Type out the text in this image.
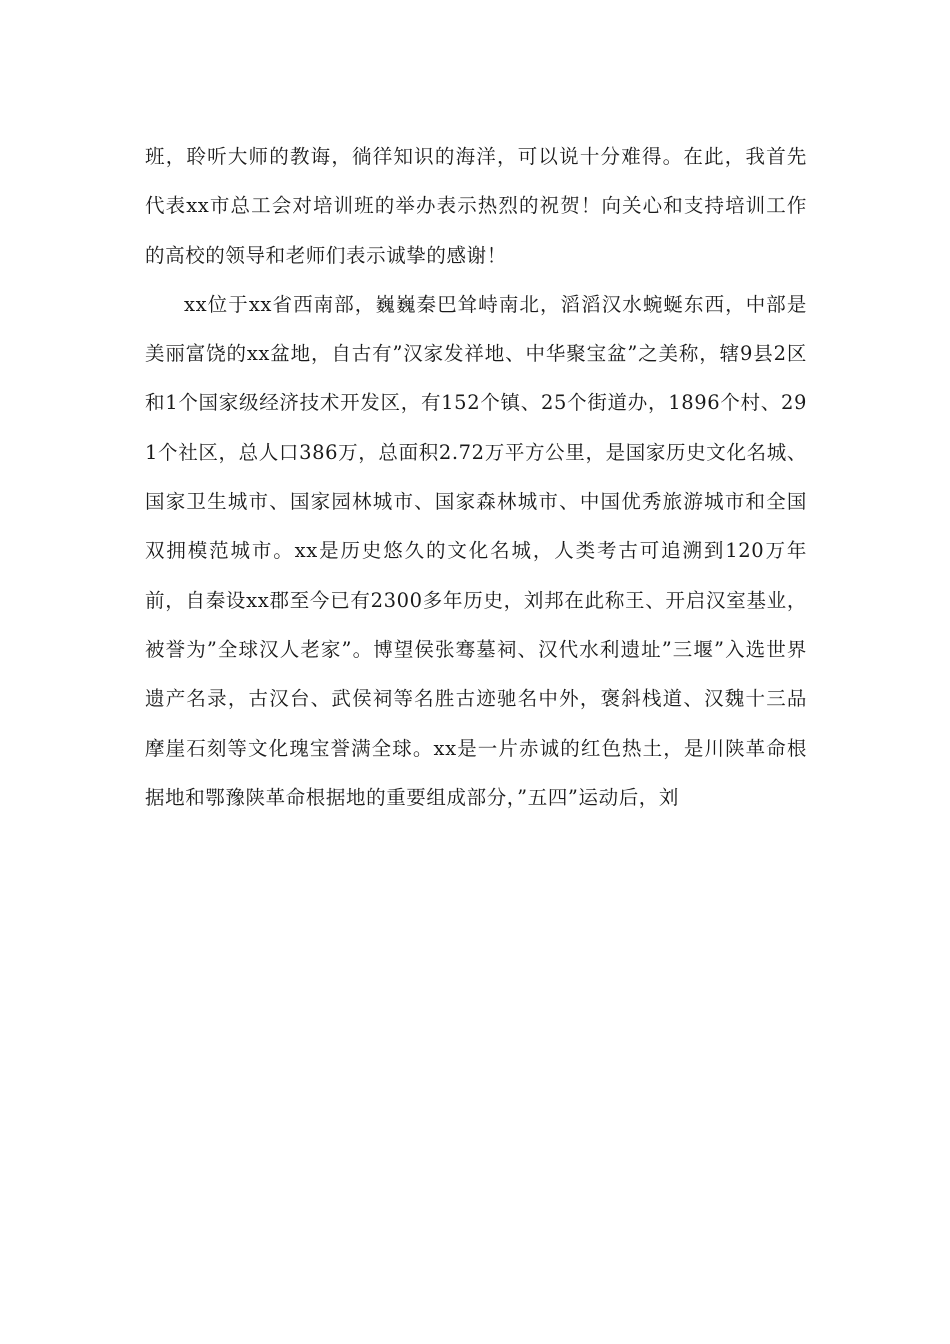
班，聆听大师的教诲，徜徉知识的海洋，可以说十分难得。在此，我首先代表xx市总工会对培训班的举办表示热烈的祝贺！向关心和支持培训工作的高校的领导和老师们表示诚挚的感谢！

xx位于xx省西南部，巍巍秦巴耸峙南北，滔滔汉水蜿蜒东西，中部是美丽富饶的xx盆地，自古有”汉家发祥地、中华聚宝盆”之美称，辖9县2区和1个国家级经济技术开发区，有152个镇、25个街道办，1896个村、291个社区，总人口386万，总面积2.72万平方公里，是国家历史文化名城、国家卫生城市、国家园林城市、国家森林城市、中国优秀旅游城市和全国双拥模范城市。xx是历史悠久的文化名城，人类考古可追溯到120万年前，自秦设xx郡至今已有2300多年历史，刘邦在此称王、开启汉室基业，被誉为”全球汉人老家”。博望侯张骞墓祠、汉代水利遗址”三堰”入选世界遗产名录，古汉台、武侯祠等名胜古迹驰名中外，褒斜栈道、汉魏十三品摩崖石刻等文化瑰宝誉满全球。xx是一片赤诚的红色热土，是川陕革命根据地和鄂豫陕革命根据地的重要组成部分，”五四”运动后，刘
